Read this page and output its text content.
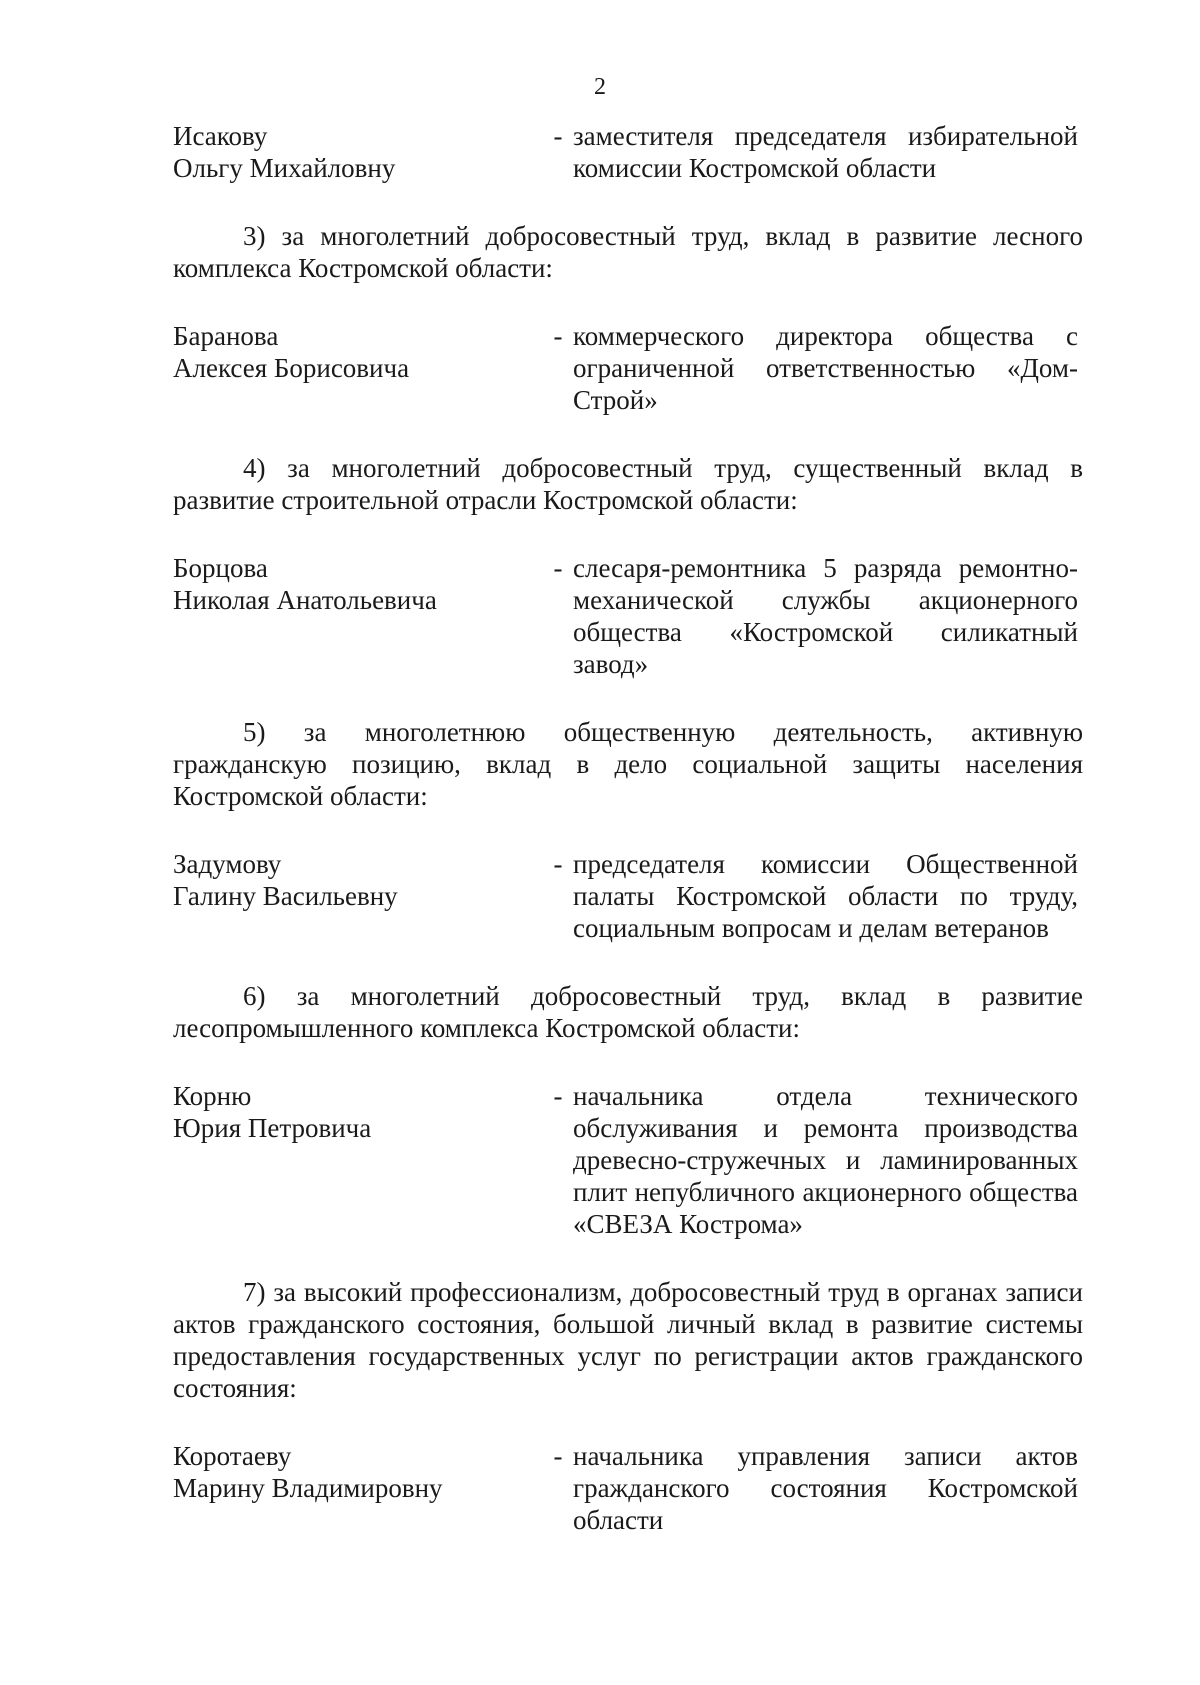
2
Исакову
Ольгу Михайловну
- заместителя председателя избирательной комиссии Костромской области
3) за многолетний добросовестный труд, вклад в развитие лесного комплекса Костромской области:
Баранова
Алексея Борисовича
- коммерческого директора общества с ограниченной ответственностью «Дом-Строй»
4) за многолетний добросовестный труд, существенный вклад в развитие строительной отрасли Костромской области:
Борцова
Николая Анатольевича
- слесаря-ремонтника 5 разряда ремонтно-механической службы акционерного общества «Костромской силикатный завод»
5) за многолетнюю общественную деятельность, активную гражданскую позицию, вклад в дело социальной защиты населения Костромской области:
Задумову
Галину Васильевну
- председателя комиссии Общественной палаты Костромской области по труду, социальным вопросам и делам ветеранов
6) за многолетний добросовестный труд, вклад в развитие лесопромышленного комплекса Костромской области:
Корню
Юрия Петровича
- начальника отдела технического обслуживания и ремонта производства древесно-стружечных и ламинированных плит непубличного акционерного общества «СВЕЗА Кострома»
7) за высокий профессионализм, добросовестный труд в органах записи актов гражданского состояния, большой личный вклад в развитие системы предоставления государственных услуг по регистрации актов гражданского состояния:
Коротаеву
Марину Владимировну
- начальника управления записи актов гражданского состояния Костромской области
